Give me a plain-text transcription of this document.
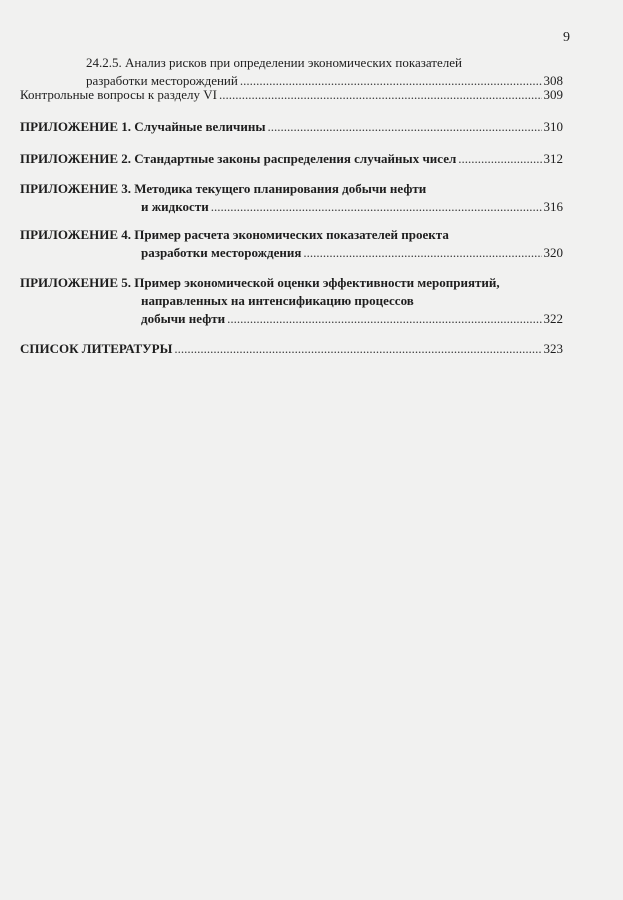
9
24.2.5. Анализ рисков при определении экономических показателей
разработки месторождений .....	308
Контрольные вопросы к разделу VI .....	309
ПРИЛОЖЕНИЕ 1. Случайные величины .....	310
ПРИЛОЖЕНИЕ 2. Стандартные законы распределения случайных чисел .....	312
ПРИЛОЖЕНИЕ 3. Методика текущего планирования добычи нефти
и жидкости .....	316
ПРИЛОЖЕНИЕ 4. Пример расчета экономических показателей проекта
разработки месторождения .....	320
ПРИЛОЖЕНИЕ 5. Пример экономической оценки эффективности мероприятий,
направленных на интенсификацию процессов
добычи нефти .....	322
СПИСОК ЛИТЕРАТУРЫ .....	323
